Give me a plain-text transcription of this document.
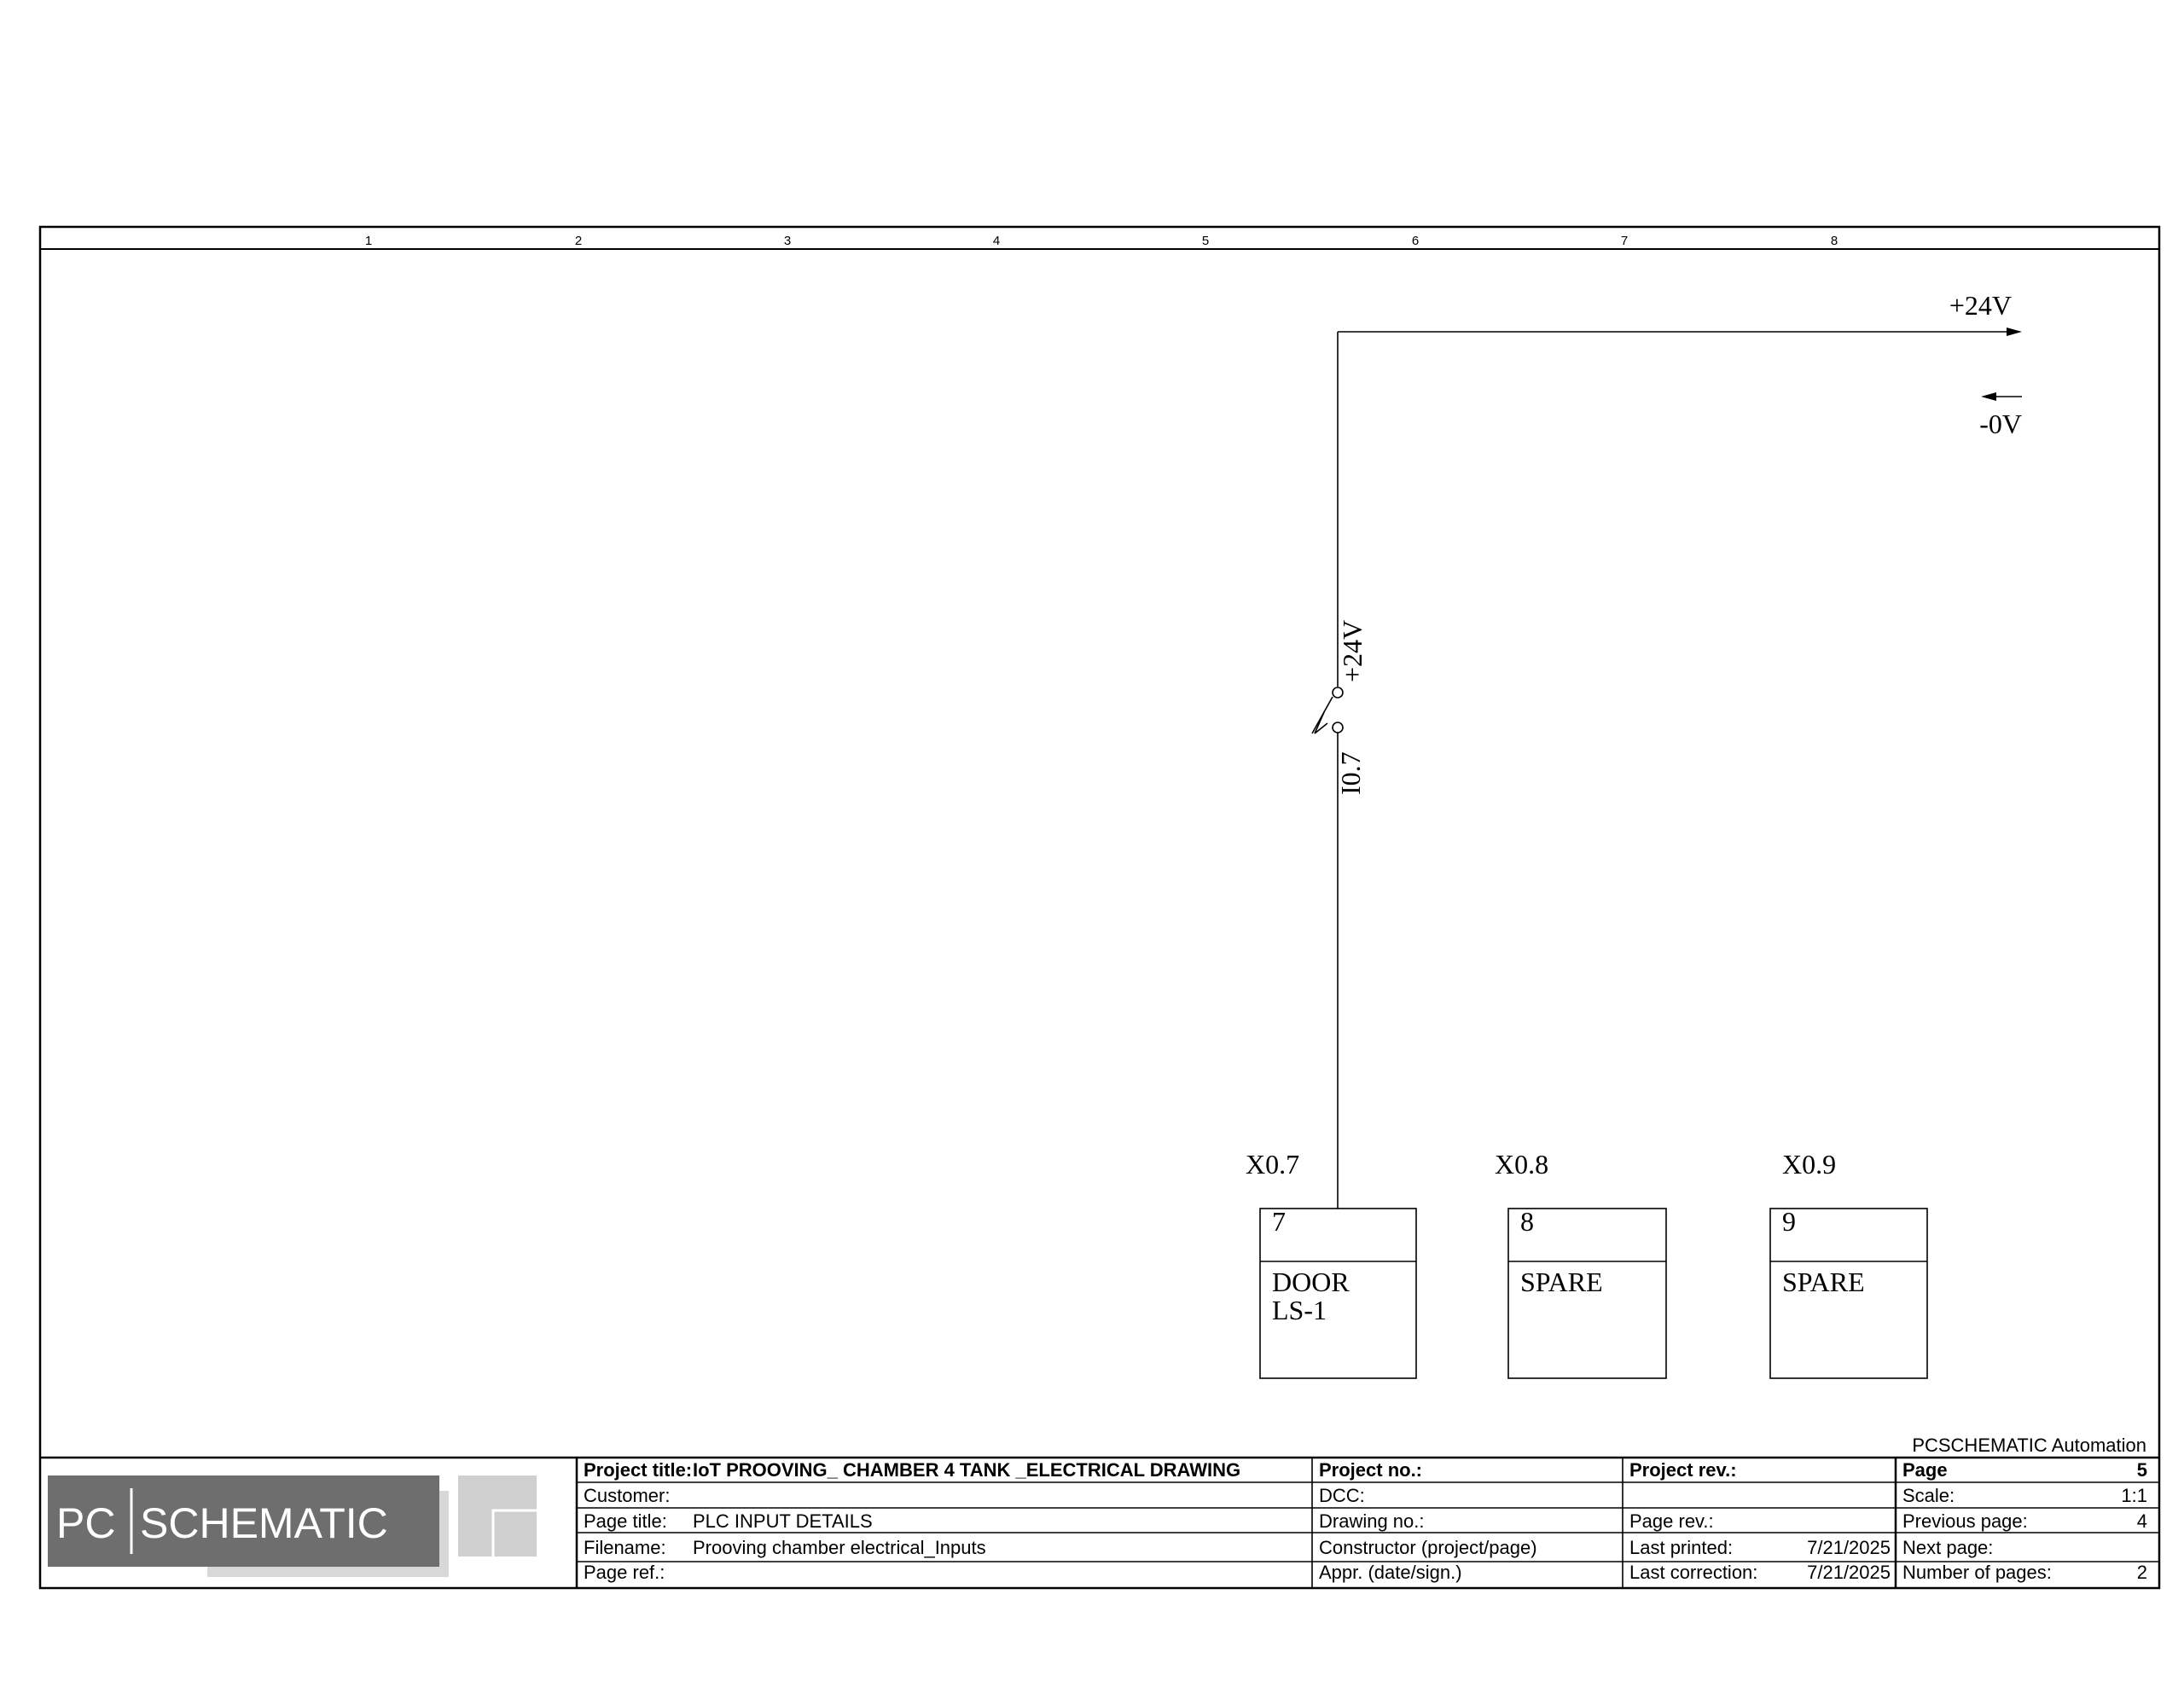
1	2	3	4	5	6	7	8
+24V
-0V
+24V
I0.7
X0.7
7
DOOR
LS-1
X0.8
8
SPARE
X0.9
9
SPARE
PCSCHEMATIC Automation
PC SCHEMATIC
Project title: IoT PROOVING_ CHAMBER 4 TANK _ELECTRICAL DRAWING
Customer:
Page title: PLC INPUT DETAILS
Filename: Prooving chamber electrical_Inputs
Page ref.:
Project no.:
DCC:
Drawing no.:
Constructor (project/page)
Appr. (date/sign.)
Project rev.:
Page rev.:
Last printed:	7/21/2025
Last correction:	7/21/2025
Page	5
Scale:	1:1
Previous page:	4
Next page:
Number of pages:	2
